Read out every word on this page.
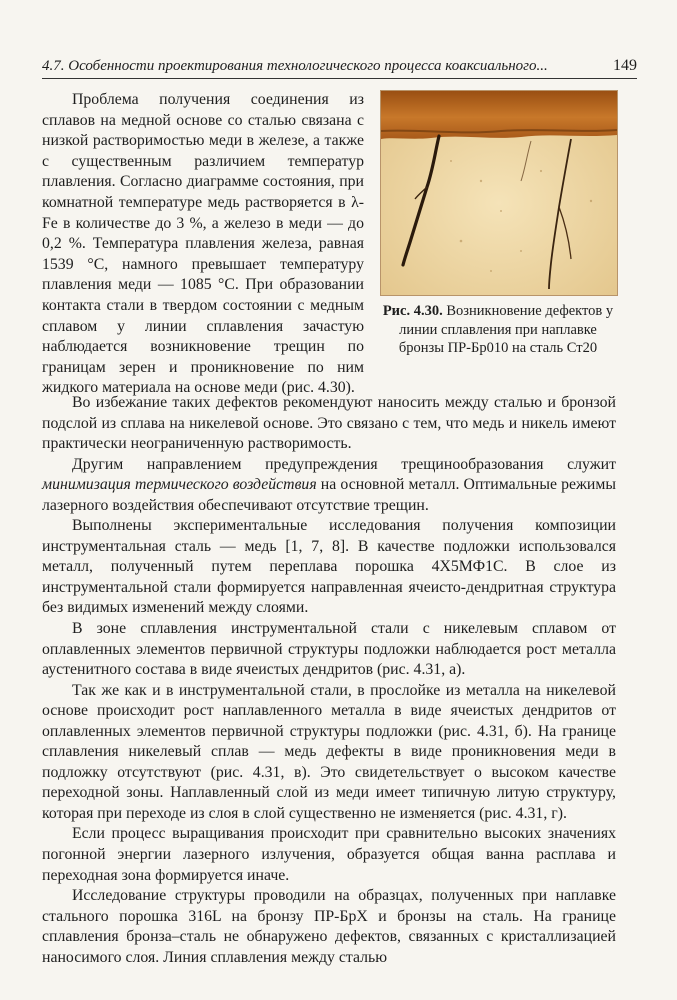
4.7. Особенности проектирования технологического процесса коаксиального...	149

Проблема получения соединения из сплавов на медной основе со сталью связана с низкой растворимостью меди в железе, а также с существенным различием температур плавления. Согласно диаграмме состояния, при комнатной температуре медь растворяется в λ-Fe в количестве до 3 %, а железо в меди — до 0,2 %. Температура плавления железа, равная 1539 °С, намного превышает температуру плавления меди — 1085 °С. При образовании контакта стали в твердом состоянии с медным сплавом у линии сплавления зачастую наблюдается возникновение трещин по границам зерен и проникновение по ним жидкого материала на основе меди (рис. 4.30).

Рис. 4.30. Возникновение дефектов у линии сплавления при наплавке бронзы ПР-Бр010 на сталь Ст20

Во избежание таких дефектов рекомендуют наносить между сталью и бронзой подслой из сплава на никелевой основе. Это связано с тем, что медь и никель имеют практически неограниченную растворимость.

Другим направлением предупреждения трещинообразования служит минимизация термического воздействия на основной металл. Оптимальные режимы лазерного воздействия обеспечивают отсутствие трещин.

Выполнены экспериментальные исследования получения композиции инструментальная сталь — медь [1, 7, 8]. В качестве подложки использовался металл, полученный путем переплава порошка 4Х5МФ1С. В слое из инструментальной стали формируется направленная ячеисто-дендритная структура без видимых изменений между слоями.

В зоне сплавления инструментальной стали с никелевым сплавом от оплавленных элементов первичной структуры подложки наблюдается рост металла аустенитного состава в виде ячеистых дендритов (рис. 4.31, а).

Так же как и в инструментальной стали, в прослойке из металла на никелевой основе происходит рост наплавленного металла в виде ячеистых дендритов от оплавленных элементов первичной структуры подложки (рис. 4.31, б). На границе сплавления никелевый сплав — медь дефекты в виде проникновения меди в подложку отсутствуют (рис. 4.31, в). Это свидетельствует о высоком качестве переходной зоны. Наплавленный слой из меди имеет типичную литую структуру, которая при переходе из слоя в слой существенно не изменяется (рис. 4.31, г).

Если процесс выращивания происходит при сравнительно высоких значениях погонной энергии лазерного излучения, образуется общая ванна расплава и переходная зона формируется иначе.

Исследование структуры проводили на образцах, полученных при наплавке стального порошка 316L на бронзу ПР-БрХ и бронзы на сталь. На границе сплавления бронза–сталь не обнаружено дефектов, связанных с кристаллизацией наносимого слоя. Линия сплавления между сталью
